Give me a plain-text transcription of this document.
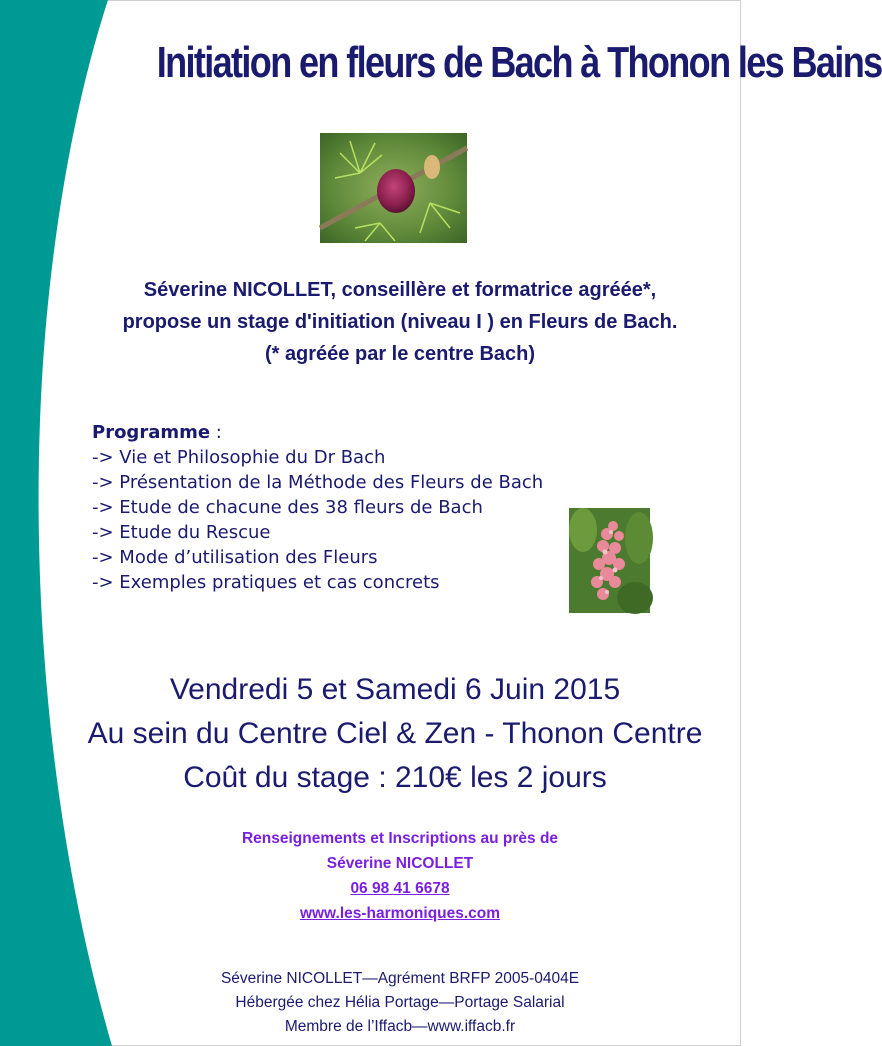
Initiation en fleurs de Bach à Thonon les Bains
Séverine NICOLLET, conseillère et formatrice agréée*,
propose un stage d'initiation (niveau I ) en Fleurs de Bach.
(* agréée par le centre Bach)
Programme :
-> Vie et Philosophie du Dr Bach
-> Présentation de la Méthode des Fleurs de Bach
-> Etude de chacune des 38 fleurs de Bach
-> Etude du Rescue
-> Mode d’utilisation des Fleurs
-> Exemples pratiques et cas concrets
Vendredi 5 et Samedi 6 Juin 2015
Au sein du Centre Ciel & Zen - Thonon Centre
Coût du stage : 210€ les 2 jours
Renseignements et Inscriptions au près de
Séverine NICOLLET
06 98 41 6678
www.les-harmoniques.com
Séverine NICOLLET—Agrément BRFP 2005-0404E
Hébergée chez Hélia Portage—Portage Salarial
Membre de l’Iffacb—www.iffacb.fr
